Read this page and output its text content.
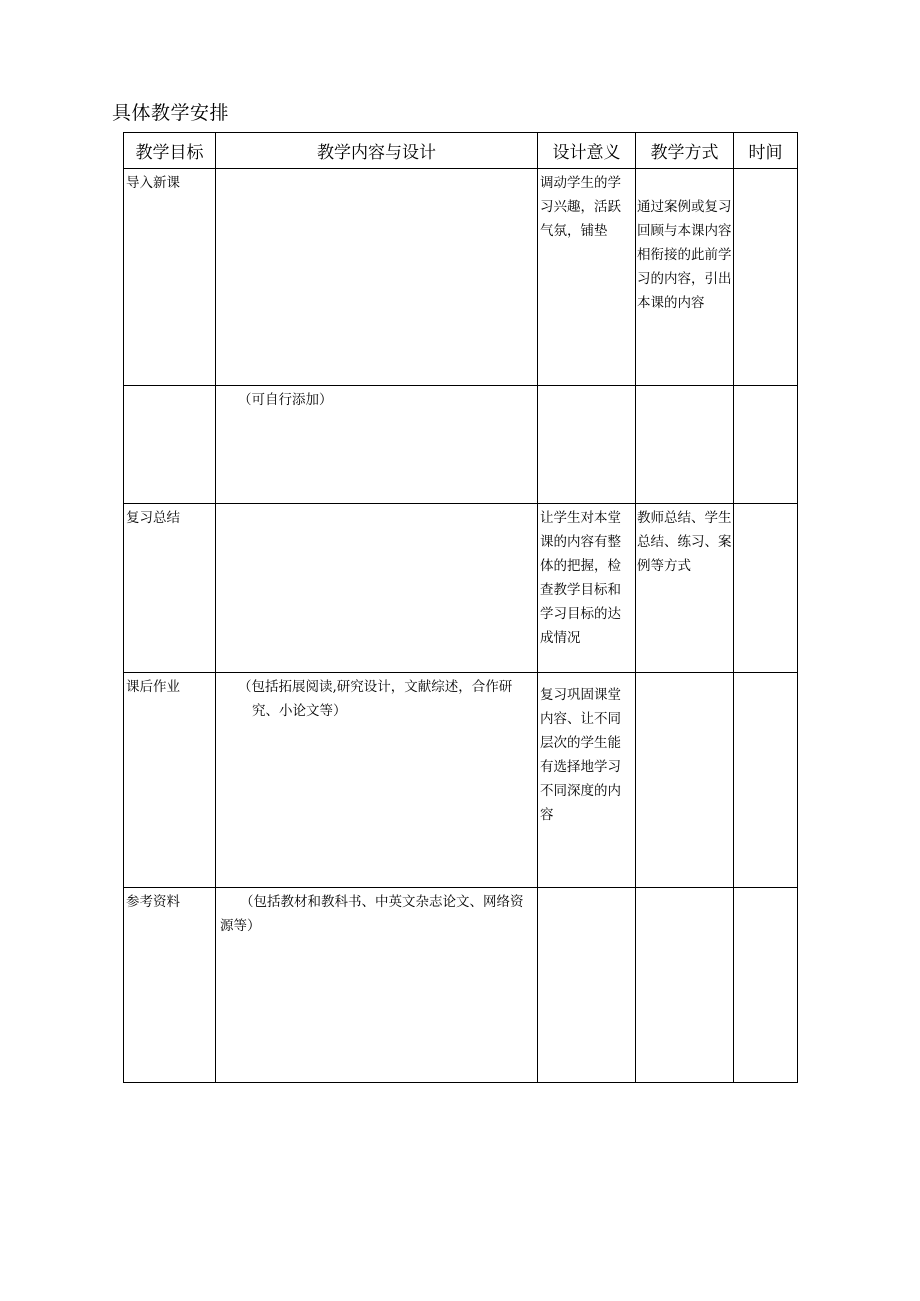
具体教学安排
教学目标	教学内容与设计	设计意义	教学方式	时间

导入新课		调动学生的学习兴趣，活跃气氛，铺垫	通过案例或复习回顾与本课内容相衔接的此前学习的内容，引出本课的内容	

	（可自行添加）			

复习总结		让学生对本堂课的内容有整体的把握，检查教学目标和学习目标的达成情况	教师总结、学生总结、练习、案例等方式	

课后作业	（包括拓展阅读,研究设计，文献综述，合作研究、小论文等）	复习巩固课堂内容、让不同层次的学生能有选择地学习不同深度的内容		

参考资料	（包括教材和教科书、中英文杂志论文、网络资源等）			
